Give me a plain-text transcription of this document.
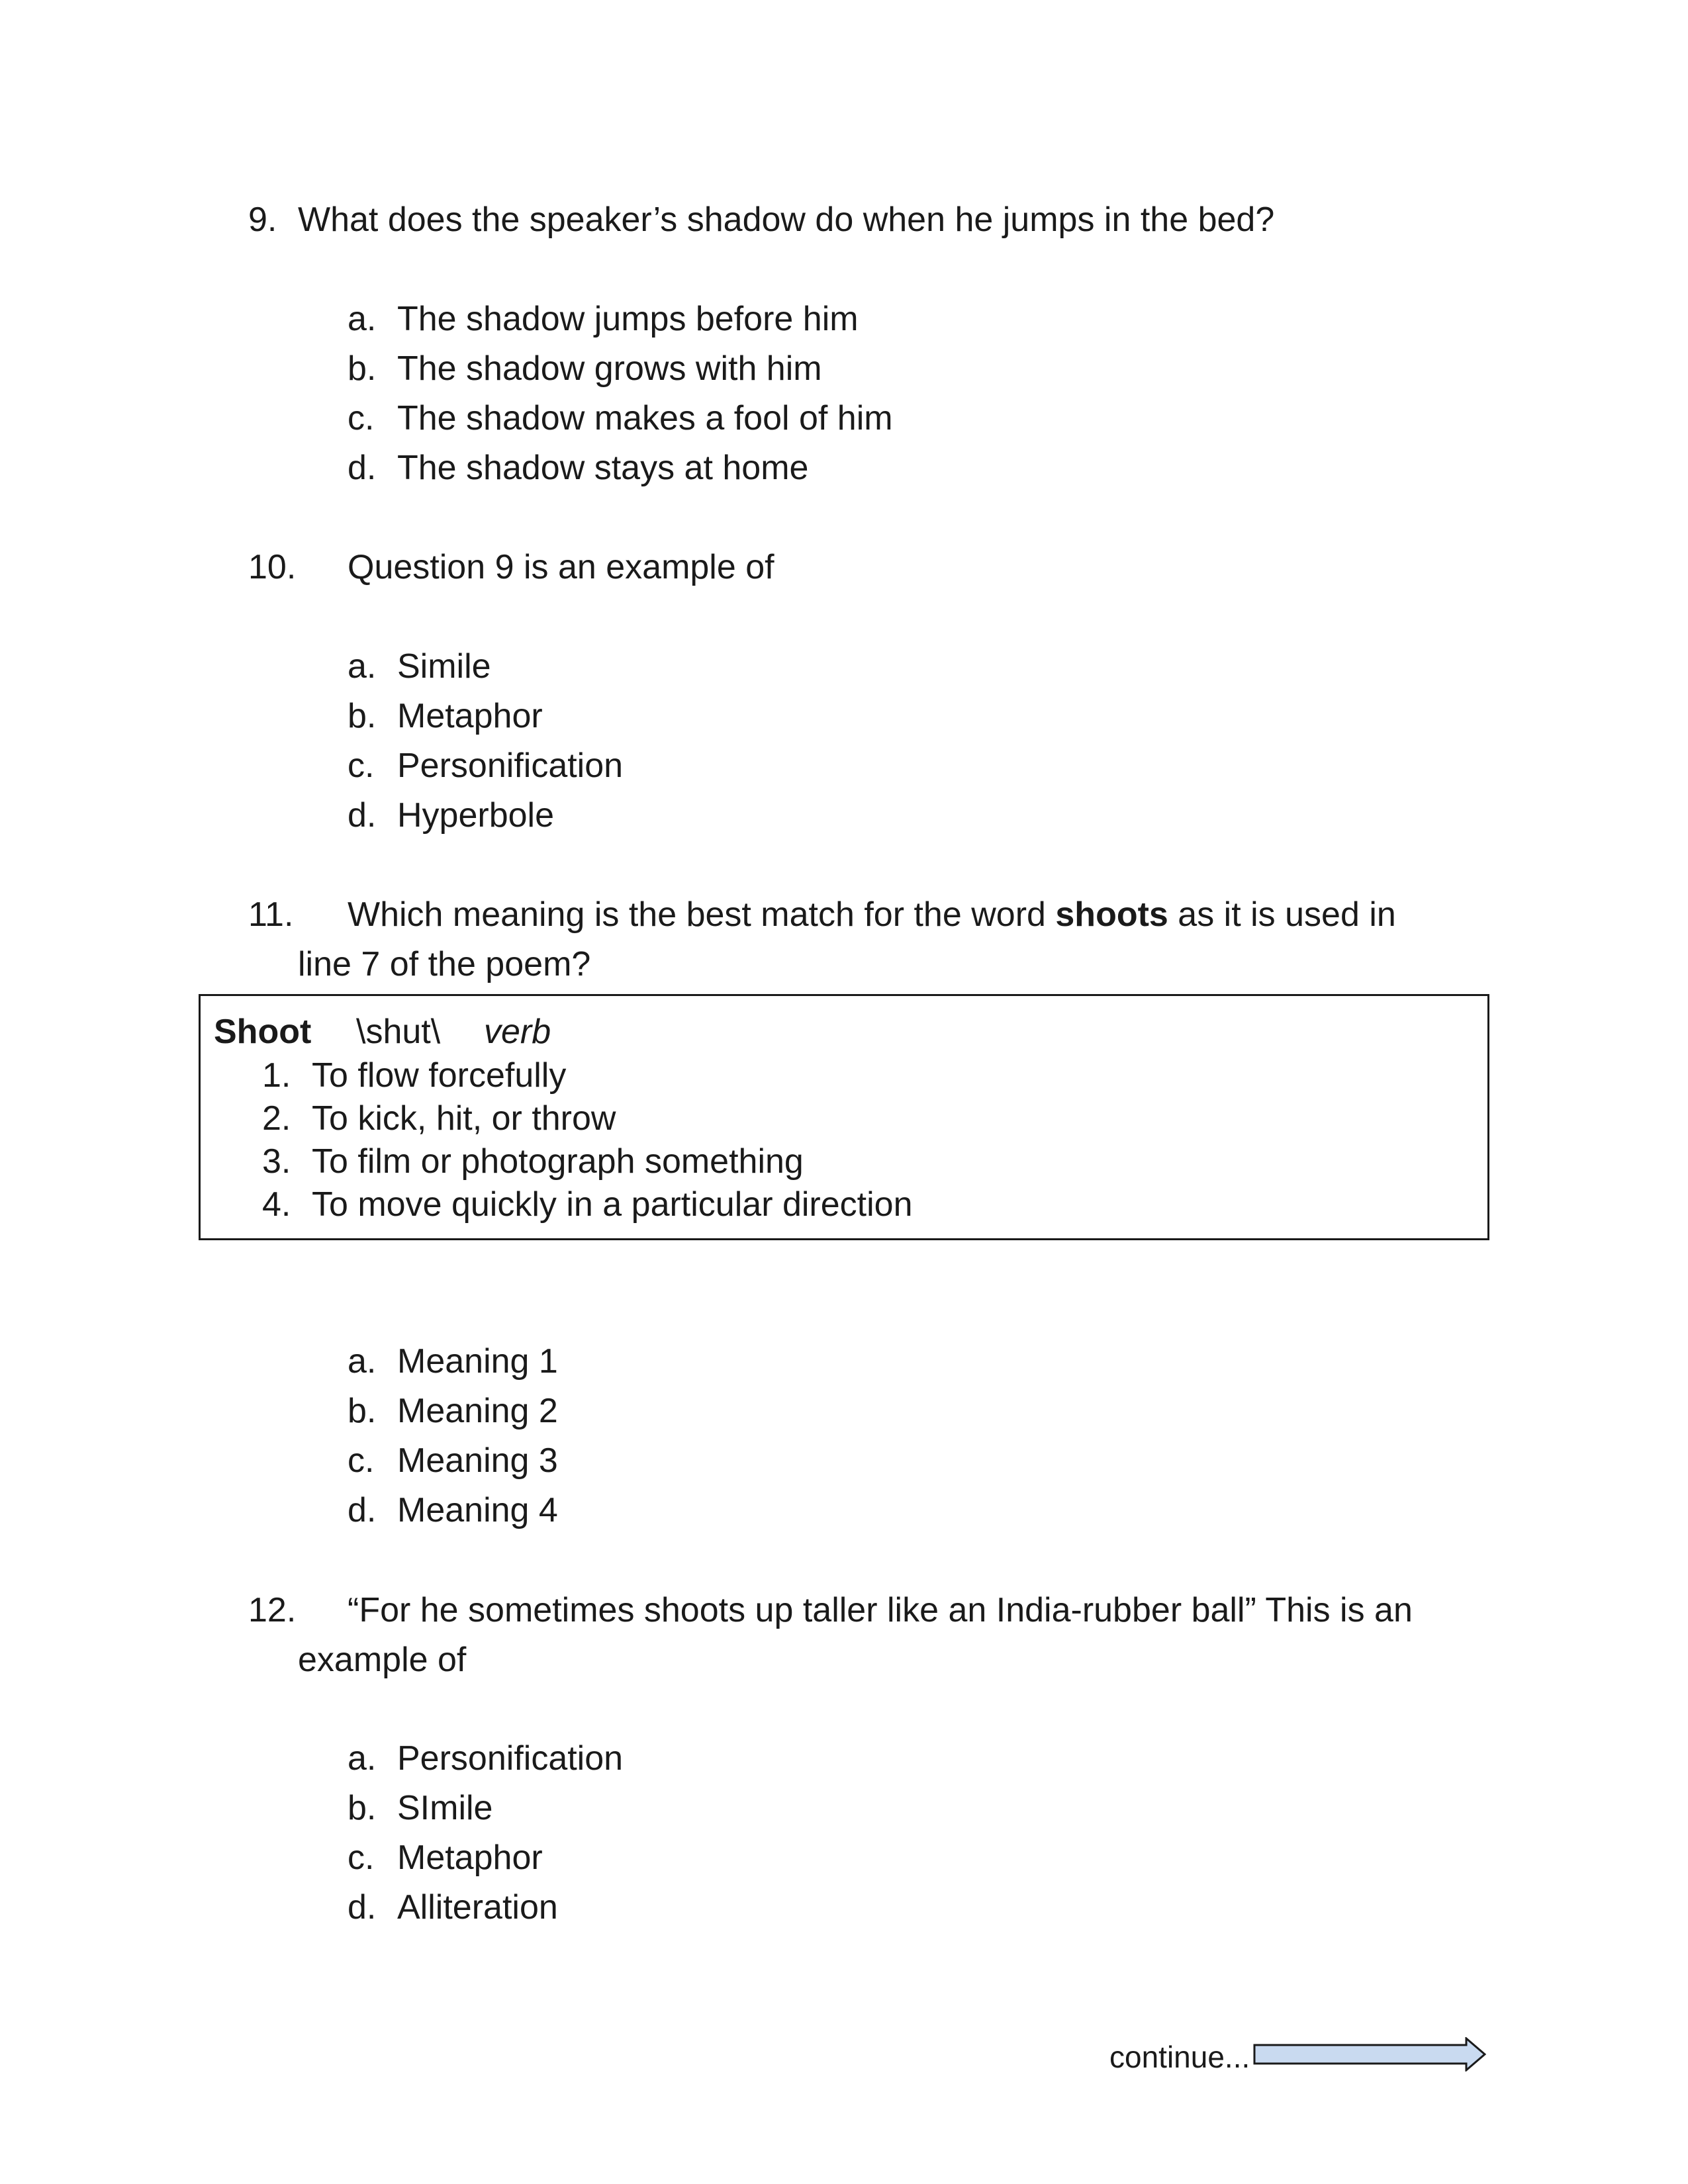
9. What does the speaker’s shadow do when he jumps in the bed?
a. The shadow jumps before him
b. The shadow grows with him
c. The shadow makes a fool of him
d. The shadow stays at home
10. Question 9 is an example of
a. Simile
b. Metaphor
c. Personification
d. Hyperbole
11. Which meaning is the best match for the word shoots as it is used in
line 7 of the poem?
Shoot \shut\ verb
1. To flow forcefully
2. To kick, hit, or throw
3. To film or photograph something
4. To move quickly in a particular direction
a. Meaning 1
b. Meaning 2
c. Meaning 3
d. Meaning 4
12. “For he sometimes shoots up taller like an India-rubber ball” This is an
example of
a. Personification
b. SImile
c. Metaphor
d. Alliteration
continue...
